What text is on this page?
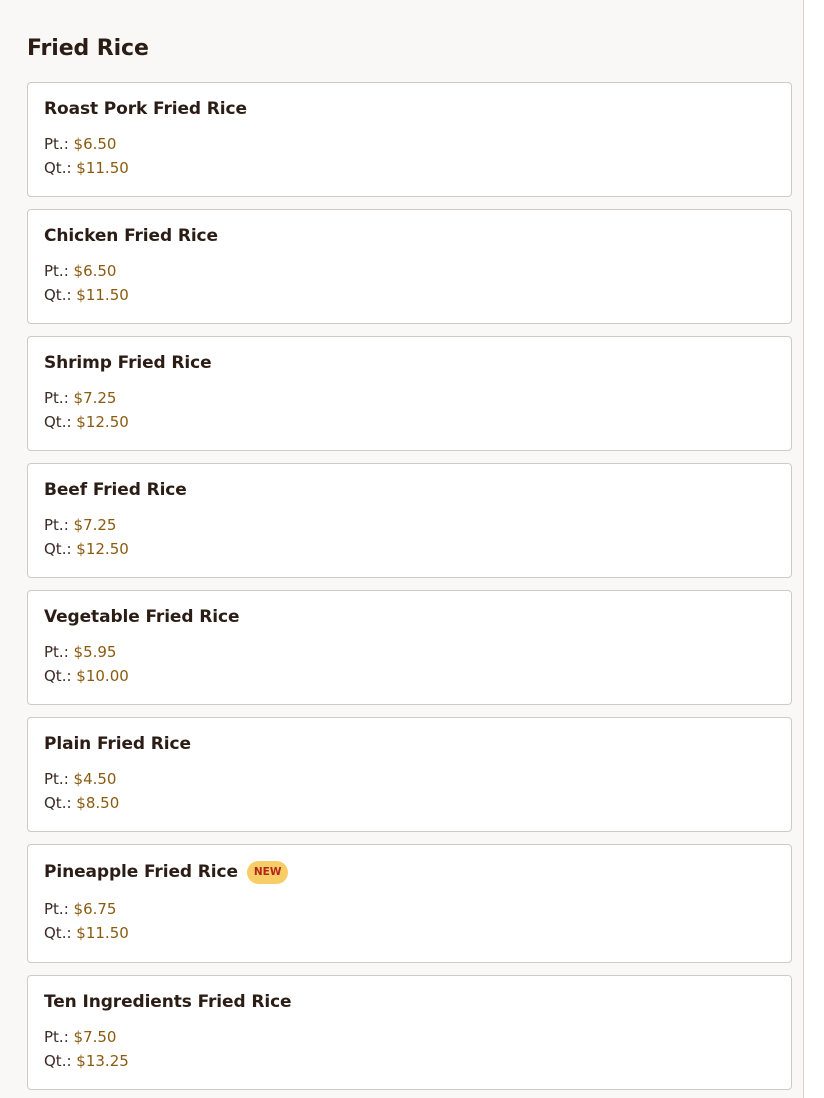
Fried Rice
Roast Pork Fried Rice
Pt.: $6.50
Qt.: $11.50
Chicken Fried Rice
Pt.: $6.50
Qt.: $11.50
Shrimp Fried Rice
Pt.: $7.25
Qt.: $12.50
Beef Fried Rice
Pt.: $7.25
Qt.: $12.50
Vegetable Fried Rice
Pt.: $5.95
Qt.: $10.00
Plain Fried Rice
Pt.: $4.50
Qt.: $8.50
Pineapple Fried Rice	NEW
Pt.: $6.75
Qt.: $11.50
Ten Ingredients Fried Rice
Pt.: $7.50
Qt.: $13.25
